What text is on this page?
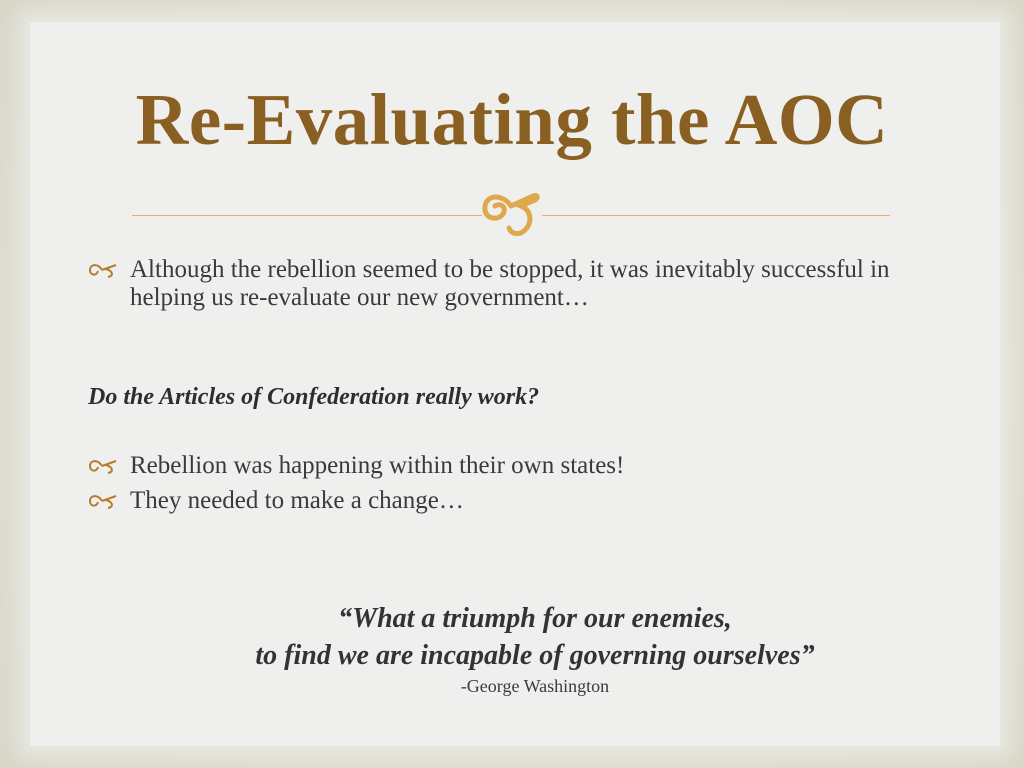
Re-Evaluating the AOC
Although the rebellion seemed to be stopped, it was inevitably successful in helping us re-evaluate our new government…
Do the Articles of Confederation really work?
Rebellion was happening within their own states!
They needed to make a change…
“What a triumph for our enemies,
to find we are incapable of governing ourselves”
-George Washington
